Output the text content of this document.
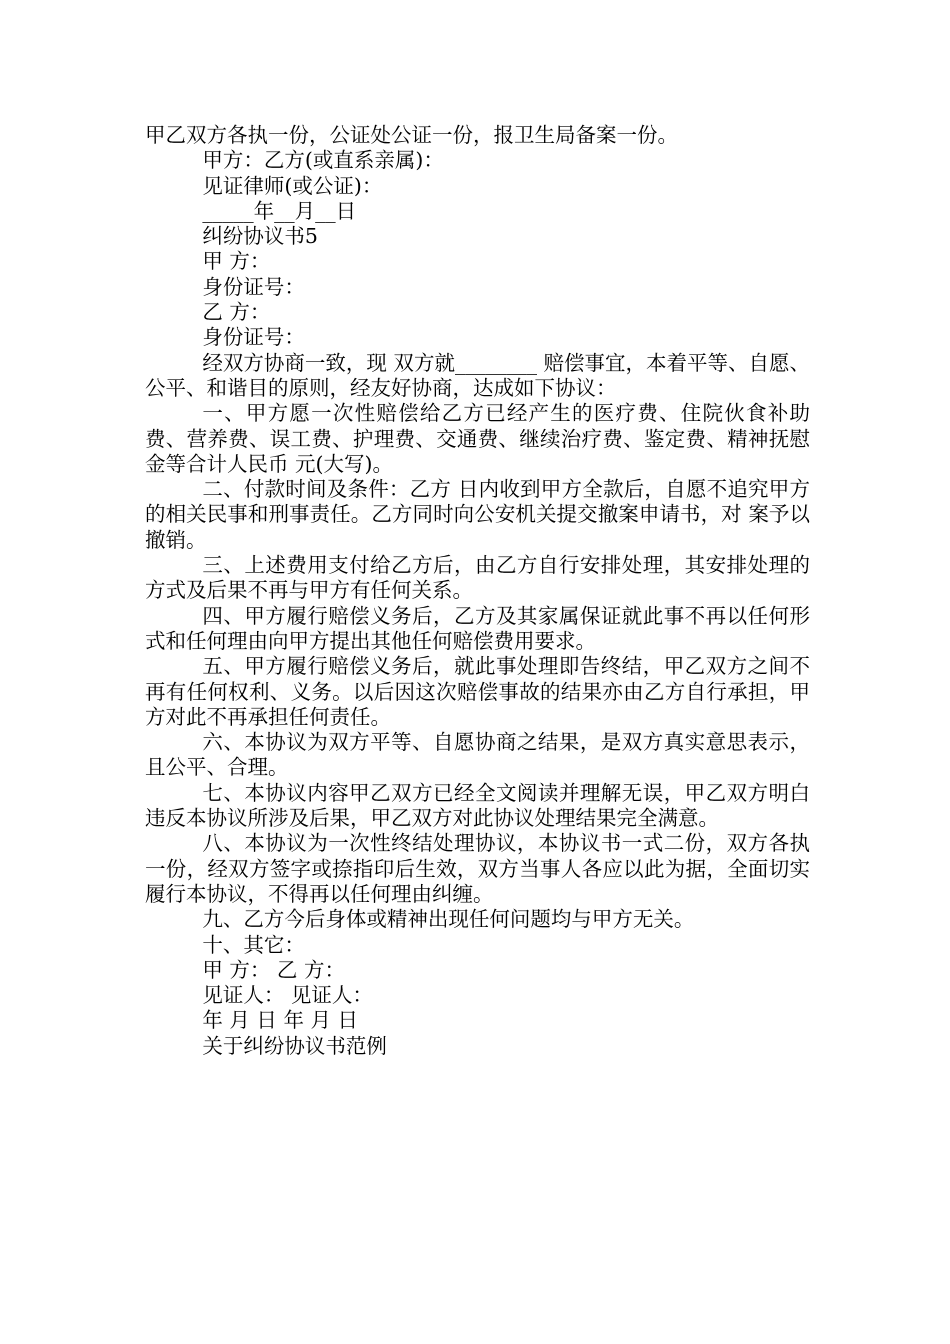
甲乙双方各执一份，公证处公证一份，报卫生局备案一份。

甲方：乙方(或直系亲属)：

见证律师(或公证)：

_____年__月__日

纠纷协议书5

甲 方：

身份证号：

乙 方：

身份证号：

经双方协商一致，现 双方就________ 赔偿事宜，本着平等、自愿、公平、和谐目的原则，经友好协商，达成如下协议：

一、甲方愿一次性赔偿给乙方已经产生的医疗费、住院伙食补助费、营养费、误工费、护理费、交通费、继续治疗费、鉴定费、精神抚慰金等合计人民币 元(大写)。

二、付款时间及条件：乙方 日内收到甲方全款后，自愿不追究甲方的相关民事和刑事责任。乙方同时向公安机关提交撤案申请书，对 案予以撤销。

三、上述费用支付给乙方后，由乙方自行安排处理，其安排处理的方式及后果不再与甲方有任何关系。

四、甲方履行赔偿义务后，乙方及其家属保证就此事不再以任何形式和任何理由向甲方提出其他任何赔偿费用要求。

五、甲方履行赔偿义务后，就此事处理即告终结，甲乙双方之间不再有任何权利、义务。以后因这次赔偿事故的结果亦由乙方自行承担，甲方对此不再承担任何责任。

六、本协议为双方平等、自愿协商之结果，是双方真实意思表示，且公平、合理。

七、本协议内容甲乙双方已经全文阅读并理解无误，甲乙双方明白违反本协议所涉及后果，甲乙双方对此协议处理结果完全满意。

八、本协议为一次性终结处理协议，本协议书一式二份，双方各执一份，经双方签字或捺指印后生效，双方当事人各应以此为据，全面切实履行本协议，不得再以任何理由纠缠。

九、乙方今后身体或精神出现任何问题均与甲方无关。

十、其它：

甲 方： 乙 方：

见证人： 见证人：

年 月 日 年 月 日

关于纠纷协议书范例
